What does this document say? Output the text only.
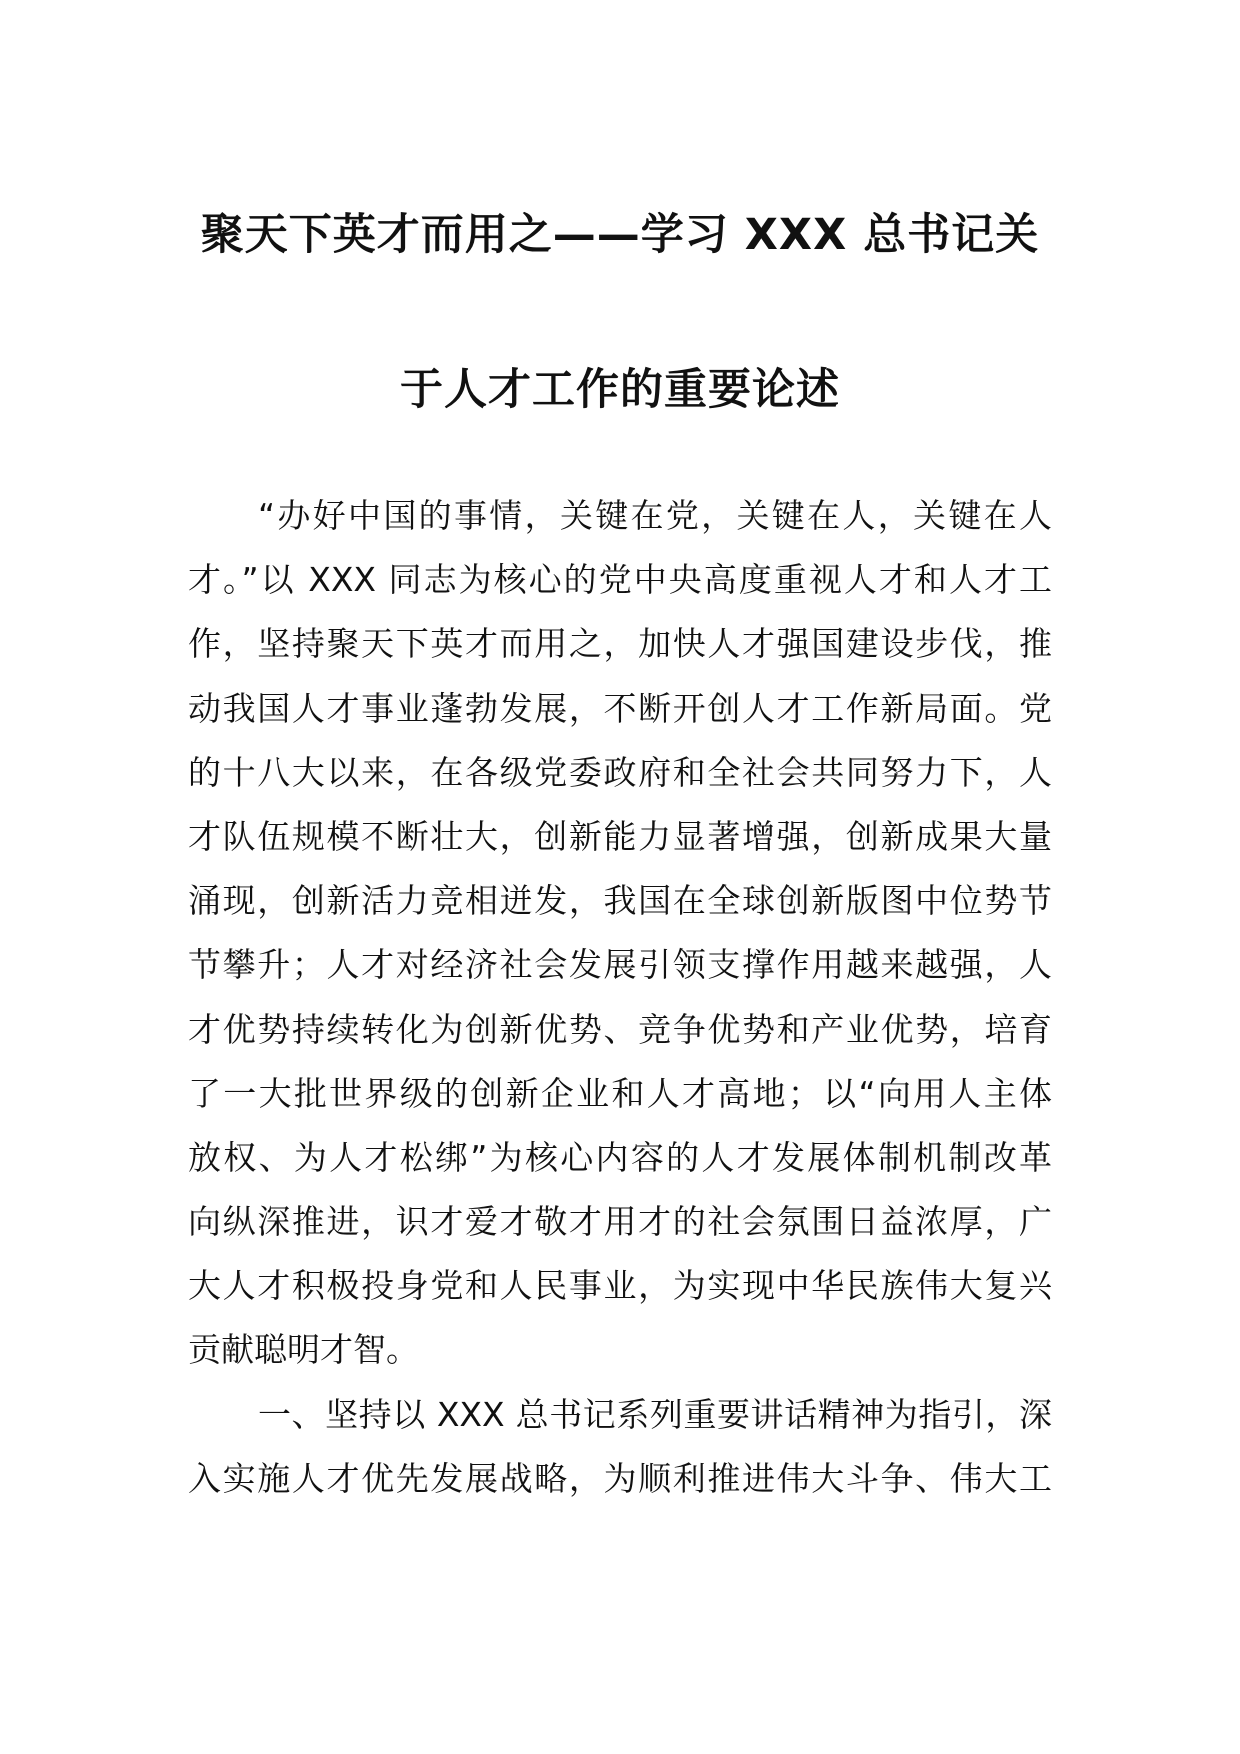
聚天下英才而用之——学习 XXX 总书记关
于人才工作的重要论述
“办好中国的事情，关键在党，关键在人，关键在人
才。”以 XXX 同志为核心的党中央高度重视人才和人才工
作，坚持聚天下英才而用之，加快人才强国建设步伐，推
动我国人才事业蓬勃发展，不断开创人才工作新局面。党
的十八大以来，在各级党委政府和全社会共同努力下，人
才队伍规模不断壮大，创新能力显著增强，创新成果大量
涌现，创新活力竞相迸发，我国在全球创新版图中位势节
节攀升；人才对经济社会发展引领支撑作用越来越强，人
才优势持续转化为创新优势、竞争优势和产业优势，培育
了一大批世界级的创新企业和人才高地；以“向用人主体
放权、为人才松绑”为核心内容的人才发展体制机制改革
向纵深推进，识才爱才敬才用才的社会氛围日益浓厚，广
大人才积极投身党和人民事业，为实现中华民族伟大复兴
贡献聪明才智。
一、坚持以 XXX 总书记系列重要讲话精神为指引，深
入实施人才优先发展战略，为顺利推进伟大斗争、伟大工
